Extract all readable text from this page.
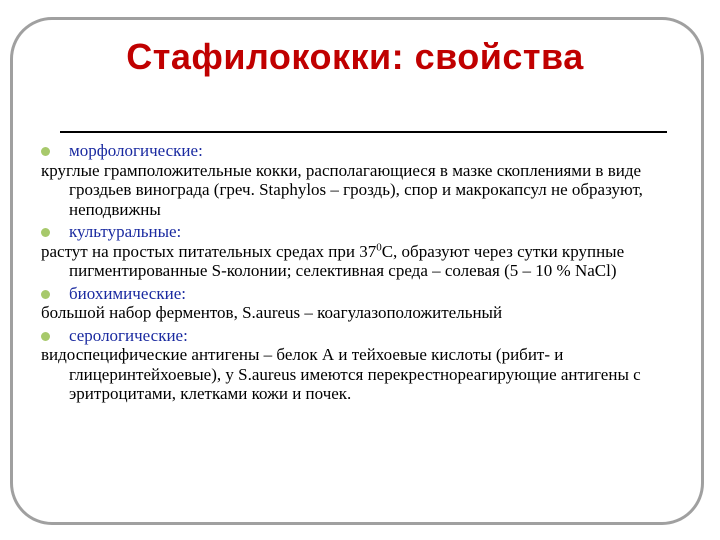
Стафилококки: свойства
морфологические:
круглые грамположительные кокки, располагающиеся в мазке скоплениями в виде гроздьев винограда (греч. Staphylos – гроздь), спор и макрокапсул не образуют, неподвижны
культуральные:
растут на простых питательных средах при $37^0С$, образуют через сутки крупные пигментированные S-колонии; селективная среда – солевая (5 – 10 % NaCl)
биохимические:
большой набор ферментов, S.aureus – коагулазоположительный
серологические:
видоспецифические антигены – белок А и тейхоевые кислоты (рибит- и глицеринтейхоевые), у S.aureus имеются перекрестнореагирующие антигены с эритроцитами, клетками кожи и почек.
